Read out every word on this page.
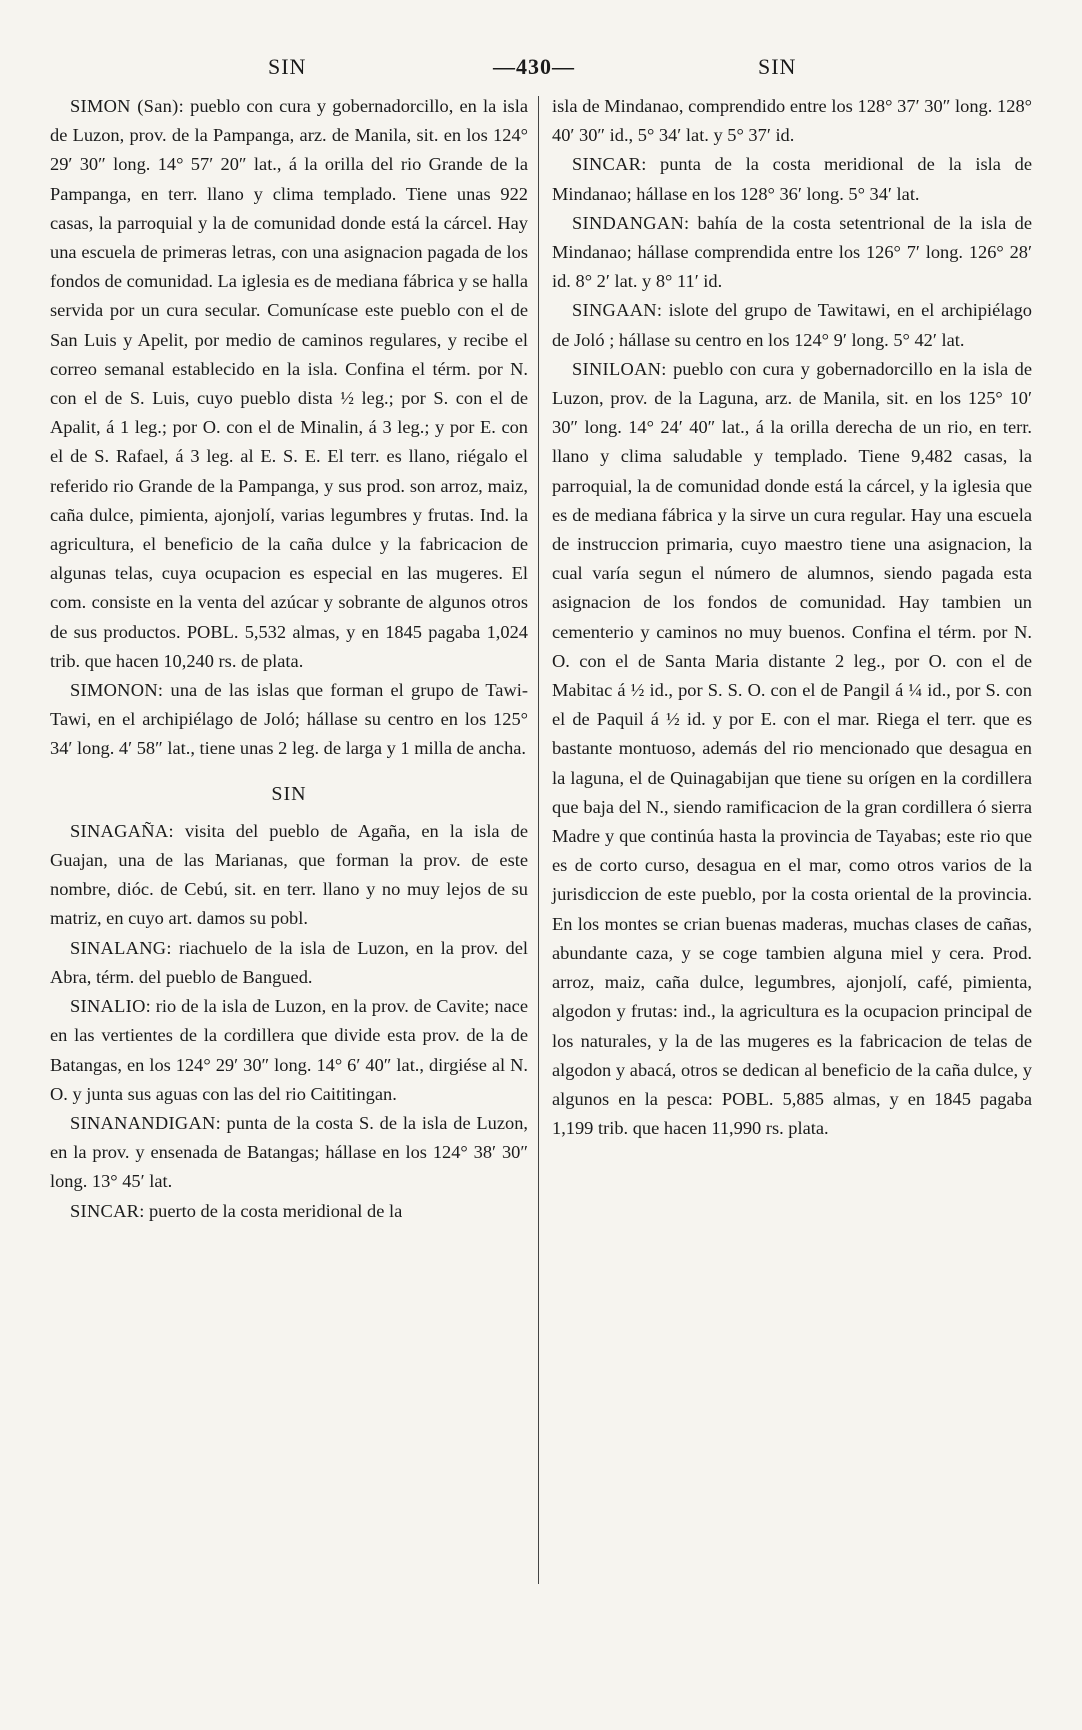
SIN	—430—	SIN

SIMON (San): pueblo con cura y gobernadorcillo, en la isla de Luzon, prov. de la Pampanga, arz. de Manila, sit. en los 124° 29′ 30″ long. 14° 57′ 20″ lat., á la orilla del rio Grande de la Pampanga, en terr. llano y clima templado. Tiene unas 922 casas, la parroquial y la de comunidad donde está la cárcel. Hay una escuela de primeras letras, con una asignacion pagada de los fondos de comunidad. La iglesia es de mediana fábrica y se halla servida por un cura secular. Comunícase este pueblo con el de San Luis y Apelit, por medio de caminos regulares, y recibe el correo semanal establecido en la isla. Confina el térm. por N. con el de S. Luis, cuyo pueblo dista ½ leg.; por S. con el de Apalit, á 1 leg.; por O. con el de Minalin, á 3 leg.; y por E. con el de S. Rafael, á 3 leg. al E. S. E. El terr. es llano, riégalo el referido rio Grande de la Pampanga, y sus prod. son arroz, maiz, caña dulce, pimienta, ajonjolí, varias legumbres y frutas. Ind. la agricultura, el beneficio de la caña dulce y la fabricacion de algunas telas, cuya ocupacion es especial en las mugeres. El com. consiste en la venta del azúcar y sobrante de algunos otros de sus productos. POBL. 5,532 almas, y en 1845 pagaba 1,024 trib. que hacen 10,240 rs. de plata.

SIMONON: una de las islas que forman el grupo de Tawi-Tawi, en el archipiélago de Joló; hállase su centro en los 125° 34′ long. 4′ 58″ lat., tiene unas 2 leg. de larga y 1 milla de ancha.

SIN

SINAGAÑA: visita del pueblo de Agaña, en la isla de Guajan, una de las Marianas, que forman la prov. de este nombre, dióc. de Cebú, sit. en terr. llano y no muy lejos de su matriz, en cuyo art. damos su pobl.

SINALANG: riachuelo de la isla de Luzon, en la prov. del Abra, térm. del pueblo de Bangued.

SINALIO: rio de la isla de Luzon, en la prov. de Cavite; nace en las vertientes de la cordillera que divide esta prov. de la de Batangas, en los 124° 29′ 30″ long. 14° 6′ 40″ lat., dirgiése al N. O. y junta sus aguas con las del rio Caititingan.

SINANANDIGAN: punta de la costa S. de la isla de Luzon, en la prov. y ensenada de Batangas; hállase en los 124° 38′ 30″ long. 13° 45′ lat.

SINCAR: puerto de la costa meridional de la

isla de Mindanao, comprendido entre los 128° 37′ 30″ long. 128° 40′ 30″ id., 5° 34′ lat. y 5° 37′ id.

SINCAR: punta de la costa meridional de la isla de Mindanao; hállase en los 128° 36′ long. 5° 34′ lat.

SINDANGAN: bahía de la costa setentrional de la isla de Mindanao; hállase comprendida entre los 126° 7′ long. 126° 28′ id. 8° 2′ lat. y 8° 11′ id.

SINGAAN: islote del grupo de Tawitawi, en el archipiélago de Joló ; hállase su centro en los 124° 9′ long. 5° 42′ lat.

SINILOAN: pueblo con cura y gobernadorcillo en la isla de Luzon, prov. de la Laguna, arz. de Manila, sit. en los 125° 10′ 30″ long. 14° 24′ 40″ lat., á la orilla derecha de un rio, en terr. llano y clima saludable y templado. Tiene 9,482 casas, la parroquial, la de comunidad donde está la cárcel, y la iglesia que es de mediana fábrica y la sirve un cura regular. Hay una escuela de instruccion primaria, cuyo maestro tiene una asignacion, la cual varía segun el número de alumnos, siendo pagada esta asignacion de los fondos de comunidad. Hay tambien un cementerio y caminos no muy buenos. Confina el térm. por N. O. con el de Santa Maria distante 2 leg., por O. con el de Mabitac á ½ id., por S. S. O. con el de Pangil á ¼ id., por S. con el de Paquil á ½ id. y por E. con el mar. Riega el terr. que es bastante montuoso, además del rio mencionado que desagua en la laguna, el de Quinagabijan que tiene su orígen en la cordillera que baja del N., siendo ramificacion de la gran cordillera ó sierra Madre y que continúa hasta la provincia de Tayabas; este rio que es de corto curso, desagua en el mar, como otros varios de la jurisdiccion de este pueblo, por la costa oriental de la provincia. En los montes se crian buenas maderas, muchas clases de cañas, abundante caza, y se coge tambien alguna miel y cera. Prod. arroz, maiz, caña dulce, legumbres, ajonjolí, café, pimienta, algodon y frutas: ind., la agricultura es la ocupacion principal de los naturales, y la de las mugeres es la fabricacion de telas de algodon y abacá, otros se dedican al beneficio de la caña dulce, y algunos en la pesca: POBL. 5,885 almas, y en 1845 pagaba 1,199 trib. que hacen 11,990 rs. plata.
